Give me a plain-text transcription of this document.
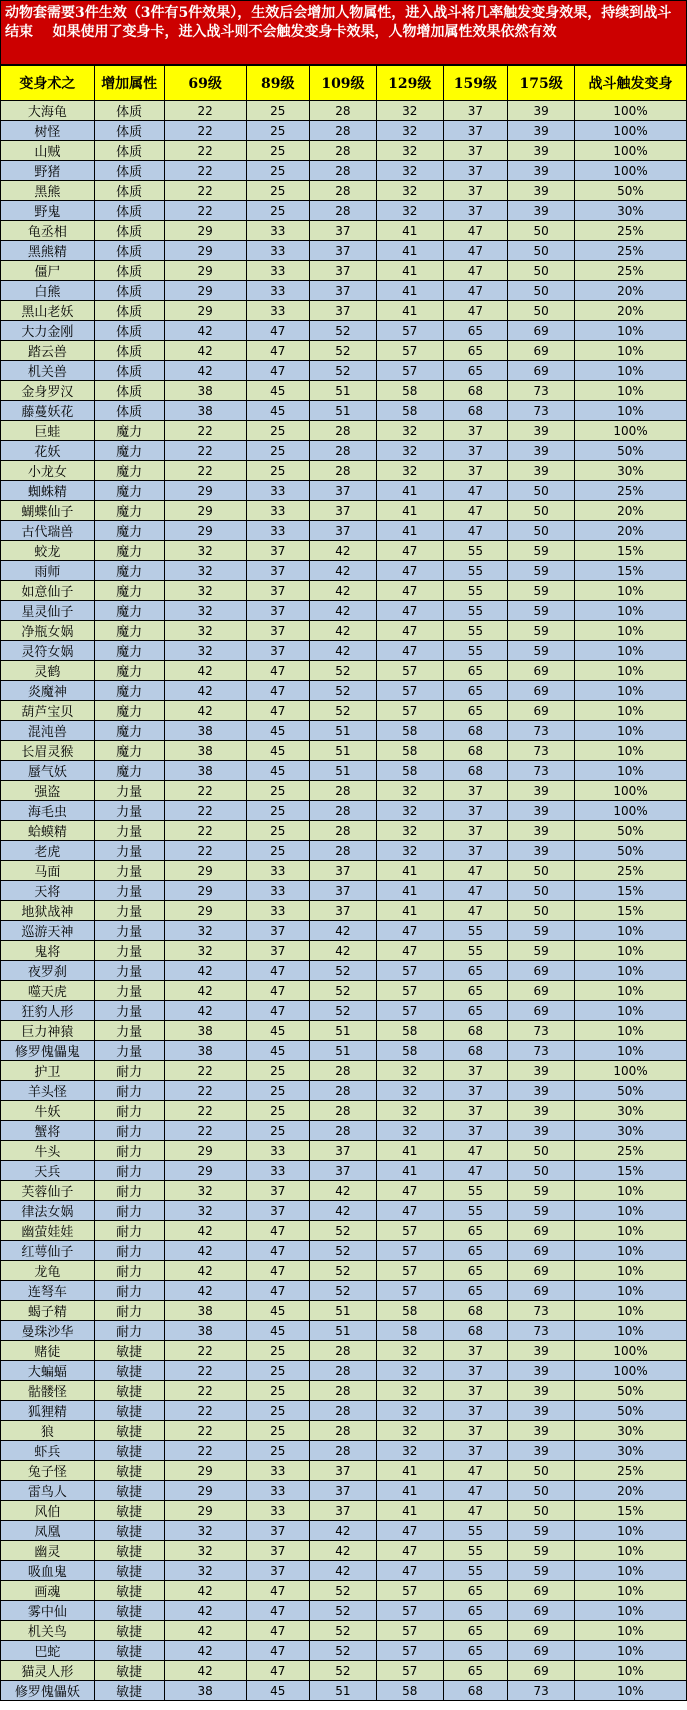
动物套需要3件生效（3件有5件效果），生效后会增加人物属性，进入战斗将几率触发变身效果，持续到战斗结束    如果使用了变身卡，进入战斗则不会触发变身卡效果，人物增加属性效果依然有效
变身术之	增加属性	69级	89级	109级	129级	159级	175级	战斗触发变身
大海龟	体质	22	25	28	32	37	39	100%
树怪	体质	22	25	28	32	37	39	100%
山贼	体质	22	25	28	32	37	39	100%
野猪	体质	22	25	28	32	37	39	100%
黑熊	体质	22	25	28	32	37	39	50%
野鬼	体质	22	25	28	32	37	39	30%
龟丞相	体质	29	33	37	41	47	50	25%
黑熊精	体质	29	33	37	41	47	50	25%
僵尸	体质	29	33	37	41	47	50	25%
白熊	体质	29	33	37	41	47	50	20%
黑山老妖	体质	29	33	37	41	47	50	20%
大力金刚	体质	42	47	52	57	65	69	10%
踏云兽	体质	42	47	52	57	65	69	10%
机关兽	体质	42	47	52	57	65	69	10%
金身罗汉	体质	38	45	51	58	68	73	10%
藤蔓妖花	体质	38	45	51	58	68	73	10%
巨蛙	魔力	22	25	28	32	37	39	100%
花妖	魔力	22	25	28	32	37	39	50%
小龙女	魔力	22	25	28	32	37	39	30%
蜘蛛精	魔力	29	33	37	41	47	50	25%
蝴蝶仙子	魔力	29	33	37	41	47	50	20%
古代瑞兽	魔力	29	33	37	41	47	50	20%
蛟龙	魔力	32	37	42	47	55	59	15%
雨师	魔力	32	37	42	47	55	59	15%
如意仙子	魔力	32	37	42	47	55	59	10%
星灵仙子	魔力	32	37	42	47	55	59	10%
净瓶女娲	魔力	32	37	42	47	55	59	10%
灵符女娲	魔力	32	37	42	47	55	59	10%
灵鹤	魔力	42	47	52	57	65	69	10%
炎魔神	魔力	42	47	52	57	65	69	10%
葫芦宝贝	魔力	42	47	52	57	65	69	10%
混沌兽	魔力	38	45	51	58	68	73	10%
长眉灵猴	魔力	38	45	51	58	68	73	10%
蜃气妖	魔力	38	45	51	58	68	73	10%
强盗	力量	22	25	28	32	37	39	100%
海毛虫	力量	22	25	28	32	37	39	100%
蛤蟆精	力量	22	25	28	32	37	39	50%
老虎	力量	22	25	28	32	37	39	50%
马面	力量	29	33	37	41	47	50	25%
天将	力量	29	33	37	41	47	50	15%
地狱战神	力量	29	33	37	41	47	50	15%
巡游天神	力量	32	37	42	47	55	59	10%
鬼将	力量	32	37	42	47	55	59	10%
夜罗刹	力量	42	47	52	57	65	69	10%
噬天虎	力量	42	47	52	57	65	69	10%
狂豹人形	力量	42	47	52	57	65	69	10%
巨力神猿	力量	38	45	51	58	68	73	10%
修罗傀儡鬼	力量	38	45	51	58	68	73	10%
护卫	耐力	22	25	28	32	37	39	100%
羊头怪	耐力	22	25	28	32	37	39	50%
牛妖	耐力	22	25	28	32	37	39	30%
蟹将	耐力	22	25	28	32	37	39	30%
牛头	耐力	29	33	37	41	47	50	25%
天兵	耐力	29	33	37	41	47	50	15%
芙蓉仙子	耐力	32	37	42	47	55	59	10%
律法女娲	耐力	32	37	42	47	55	59	10%
幽萤娃娃	耐力	42	47	52	57	65	69	10%
红萼仙子	耐力	42	47	52	57	65	69	10%
龙龟	耐力	42	47	52	57	65	69	10%
连弩车	耐力	42	47	52	57	65	69	10%
蝎子精	耐力	38	45	51	58	68	73	10%
曼珠沙华	耐力	38	45	51	58	68	73	10%
赌徒	敏捷	22	25	28	32	37	39	100%
大蝙蝠	敏捷	22	25	28	32	37	39	100%
骷髅怪	敏捷	22	25	28	32	37	39	50%
狐狸精	敏捷	22	25	28	32	37	39	50%
狼	敏捷	22	25	28	32	37	39	30%
虾兵	敏捷	22	25	28	32	37	39	30%
兔子怪	敏捷	29	33	37	41	47	50	25%
雷鸟人	敏捷	29	33	37	41	47	50	20%
风伯	敏捷	29	33	37	41	47	50	15%
凤凰	敏捷	32	37	42	47	55	59	10%
幽灵	敏捷	32	37	42	47	55	59	10%
吸血鬼	敏捷	32	37	42	47	55	59	10%
画魂	敏捷	42	47	52	57	65	69	10%
雾中仙	敏捷	42	47	52	57	65	69	10%
机关鸟	敏捷	42	47	52	57	65	69	10%
巴蛇	敏捷	42	47	52	57	65	69	10%
猫灵人形	敏捷	42	47	52	57	65	69	10%
修罗傀儡妖	敏捷	38	45	51	58	68	73	10%
